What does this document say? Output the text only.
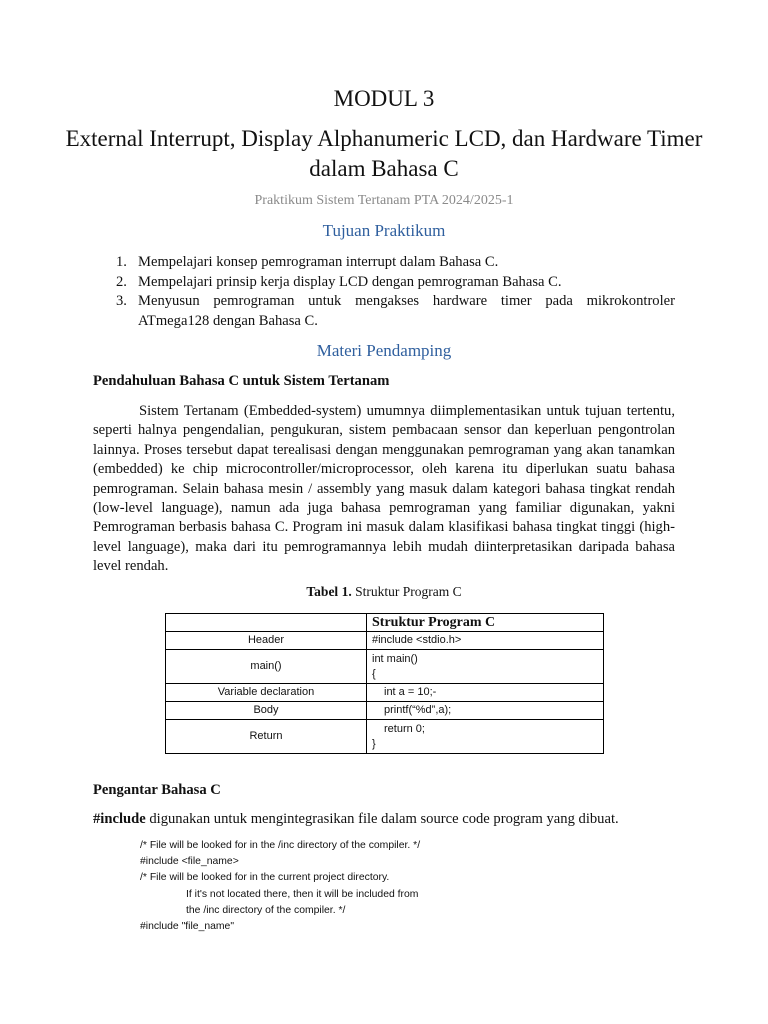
MODUL 3
External Interrupt, Display Alphanumeric LCD, dan Hardware Timer dalam Bahasa C
Praktikum Sistem Tertanam PTA 2024/2025-1
Tujuan Praktikum
1. Mempelajari konsep pemrograman interrupt dalam Bahasa C.
2. Mempelajari prinsip kerja display LCD dengan pemrograman Bahasa C.
3. Menyusun pemrograman untuk mengakses hardware timer pada mikrokontroler ATmega128 dengan Bahasa C.
Materi Pendamping
Pendahuluan Bahasa C untuk Sistem Tertanam

Sistem Tertanam (Embedded-system) umumnya diimplementasikan untuk tujuan tertentu, seperti halnya pengendalian, pengukuran, sistem pembacaan sensor dan keperluan pengontrolan lainnya. Proses tersebut dapat terealisasi dengan menggunakan pemrograman yang akan tanamkan (embedded) ke chip microcontroller/microprocessor, oleh karena itu diperlukan suatu bahasa pemrograman. Selain bahasa mesin / assembly yang masuk dalam kategori bahasa tingkat rendah (low-level language), namun ada juga bahasa pemrograman yang familiar digunakan, yakni Pemrograman berbasis bahasa C. Program ini masuk dalam klasifikasi bahasa tingkat tinggi (high-level language), maka dari itu pemrogramannya lebih mudah diinterpretasikan daripada bahasa level rendah.

Tabel 1. Struktur Program C
	Struktur Program C
Header	#include <stdio.h>
main()	int main()
{

Variable declaration	int a = 10;-
Body	printf(“%d”,a);
Return	return 0;
}
Pengantar Bahasa C
#include digunakan untuk mengintegrasikan file dalam source code program yang dibuat.
/* File will be looked for in the /inc directory of the compiler. */
#include <file_name>
/* File will be looked for in the current project directory.
If it's not located there, then it will be included from
the /inc directory of the compiler. */
#include "file_name"
